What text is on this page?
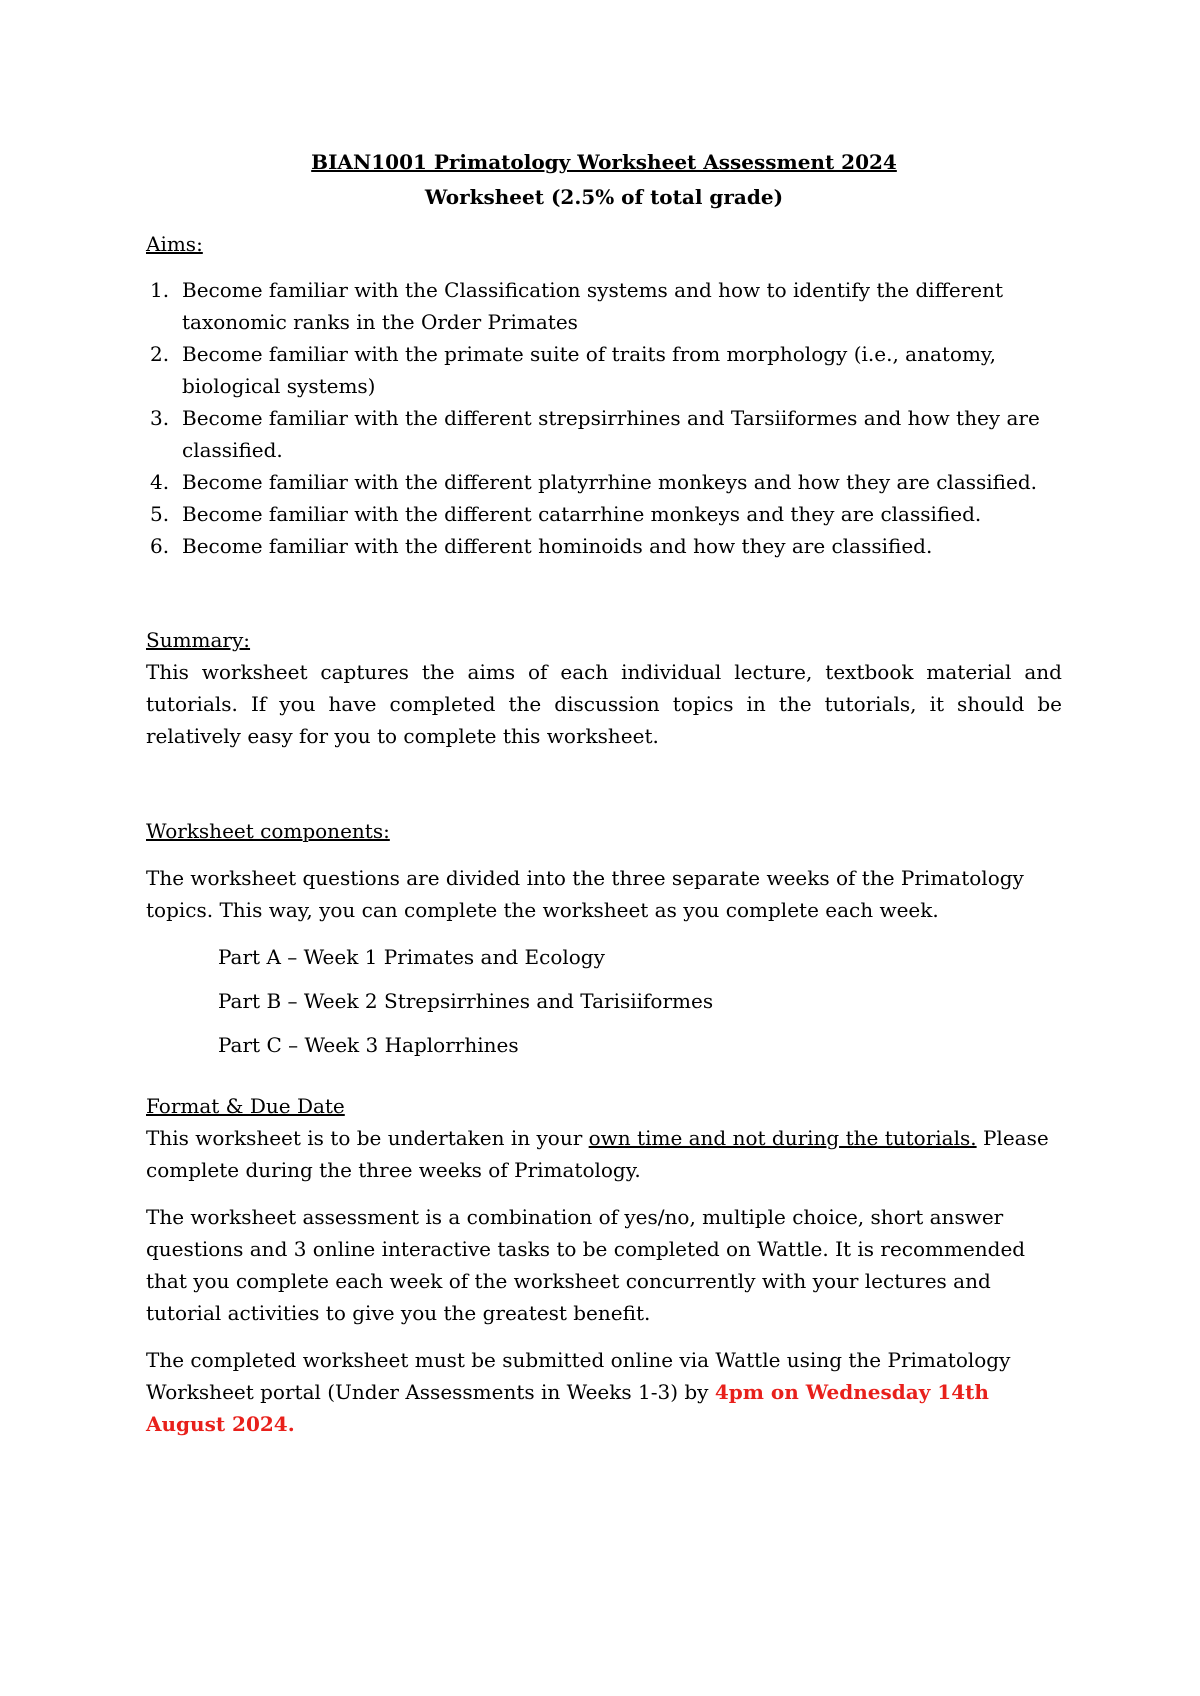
BIAN1001 Primatology Worksheet Assessment 2024
Worksheet (2.5% of total grade)
Aims:
1. Become familiar with the Classification systems and how to identify the different
taxonomic ranks in the Order Primates
2. Become familiar with the primate suite of traits from morphology (i.e., anatomy,
biological systems)
3. Become familiar with the different strepsirrhines and Tarsiiformes and how they are
classified.
4. Become familiar with the different platyrrhine monkeys and how they are classified.
5. Become familiar with the different catarrhine monkeys and they are classified.
6. Become familiar with the different hominoids and how they are classified.
Summary:

This worksheet captures the aims of each individual lecture, textbook material and tutorials. If you have completed the discussion topics in the tutorials, it should be relatively easy for you to complete this worksheet.

Worksheet components:

The worksheet questions are divided into the three separate weeks of the Primatology topics. This way, you can complete the worksheet as you complete each week.

Part A – Week 1 Primates and Ecology

Part B – Week 2 Strepsirrhines and Tarisiiformes

Part C – Week 3 Haplorrhines

Format & Due Date

This worksheet is to be undertaken in your own time and not during the tutorials. Please complete during the three weeks of Primatology.

The worksheet assessment is a combination of yes/no, multiple choice, short answer questions and 3 online interactive tasks to be completed on Wattle. It is recommended that you complete each week of the worksheet concurrently with your lectures and tutorial activities to give you the greatest benefit.

The completed worksheet must be submitted online via Wattle using the Primatology Worksheet portal (Under Assessments in Weeks 1-3) by 4pm on Wednesday 14th August 2024.
